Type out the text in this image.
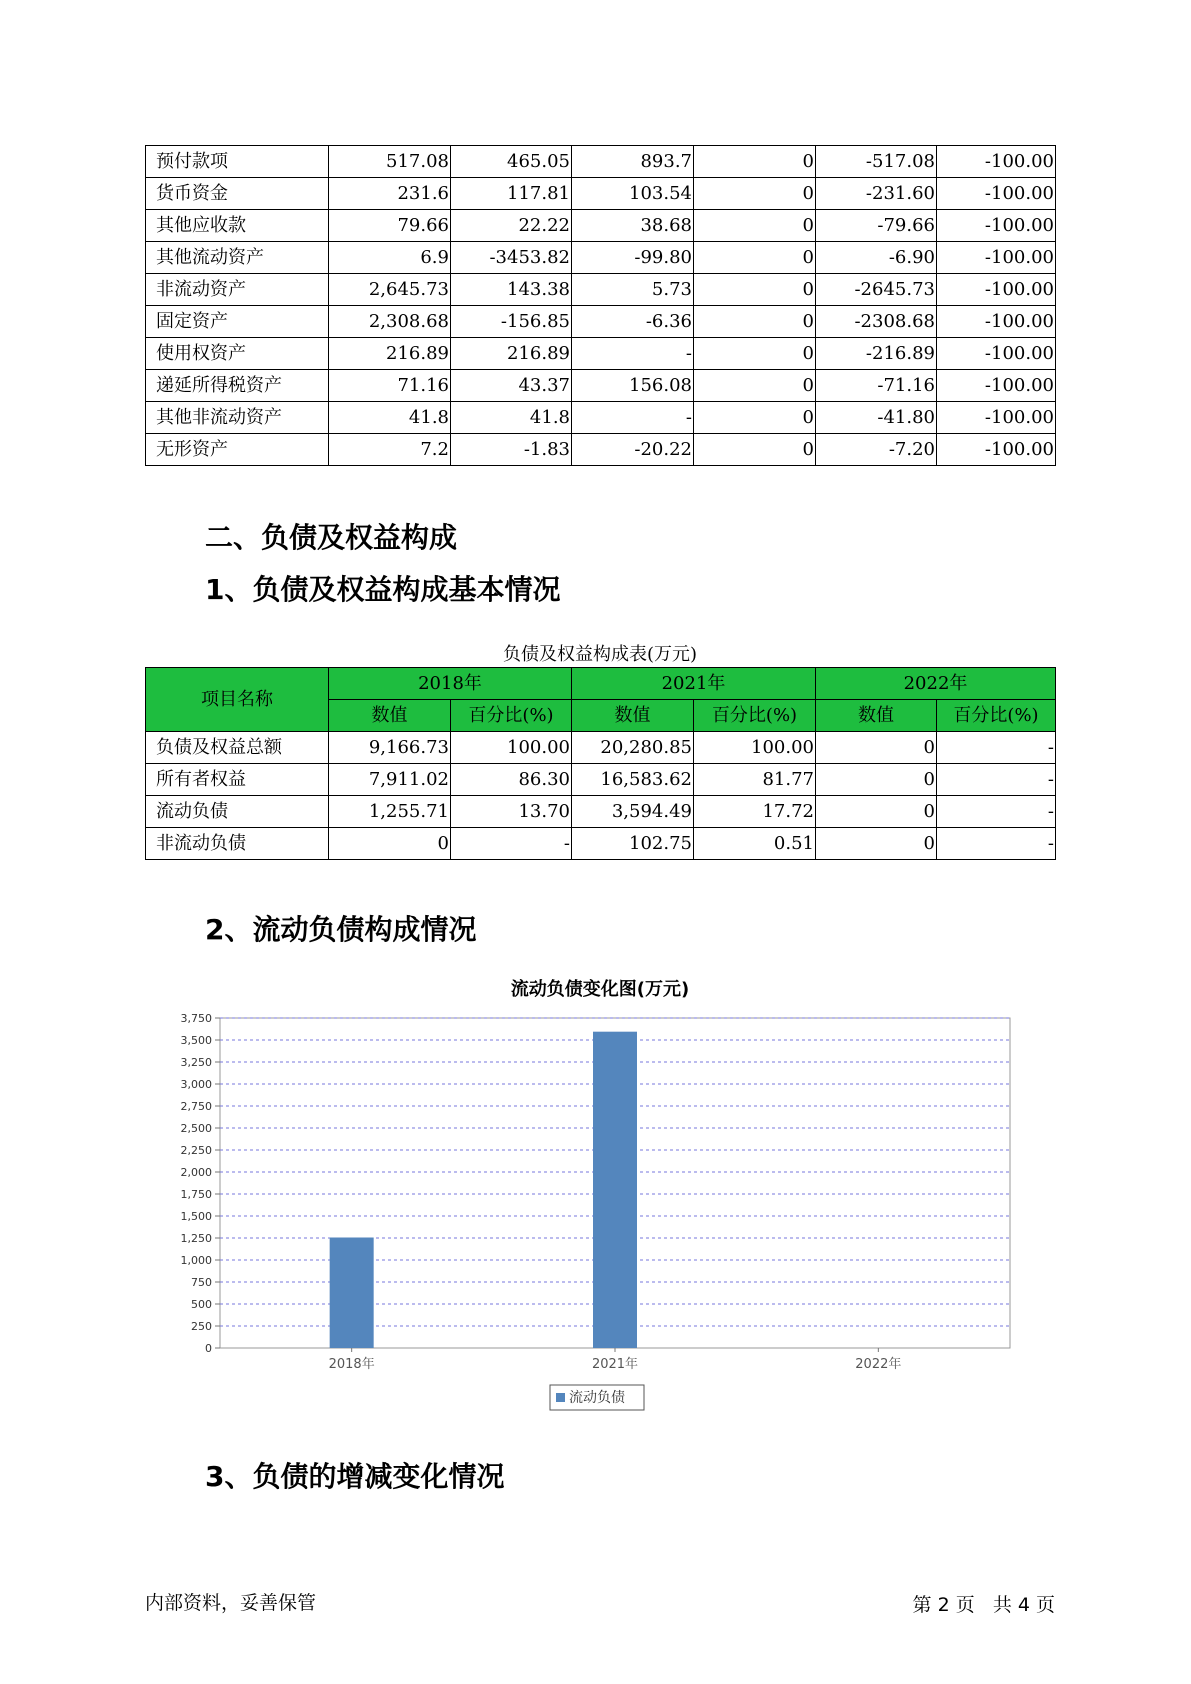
预付款项	517.08	465.05	893.7	0	-517.08	-100.00
货币资金	231.6	117.81	103.54	0	-231.60	-100.00
其他应收款	79.66	22.22	38.68	0	-79.66	-100.00
其他流动资产	6.9	-3453.82	-99.80	0	-6.90	-100.00
非流动资产	2,645.73	143.38	5.73	0	-2645.73	-100.00
固定资产	2,308.68	-156.85	-6.36	0	-2308.68	-100.00
使用权资产	216.89	216.89	-	0	-216.89	-100.00
递延所得税资产	71.16	43.37	156.08	0	-71.16	-100.00
其他非流动资产	41.8	41.8	-	0	-41.80	-100.00
无形资产	7.2	-1.83	-20.22	0	-7.20	-100.00
二、负债及权益构成
1、负债及权益构成基本情况
负债及权益构成表(万元)
项目名称	2018年		2021年		2022年	
	数值	百分比(%)	数值	百分比(%)	数值	百分比(%)
负债及权益总额	9,166.73	100.00	20,280.85	100.00	0	-
所有者权益	7,911.02	86.30	16,583.62	81.77	0	-
流动负债	1,255.71	13.70	3,594.49	17.72	0	-
非流动负债	0	-	102.75	0.51	0	-
2、流动负债构成情况
流动负债变化图(万元)
0
250
500
750
1,000
1,250
1,500
1,750
2,000
2,250
2,500
2,750
3,000
3,250
3,500
3,750
2018年	2021年	2022年
流动负债
3、负债的增减变化情况
内部资料，妥善保管	第 2 页   共 4 页
